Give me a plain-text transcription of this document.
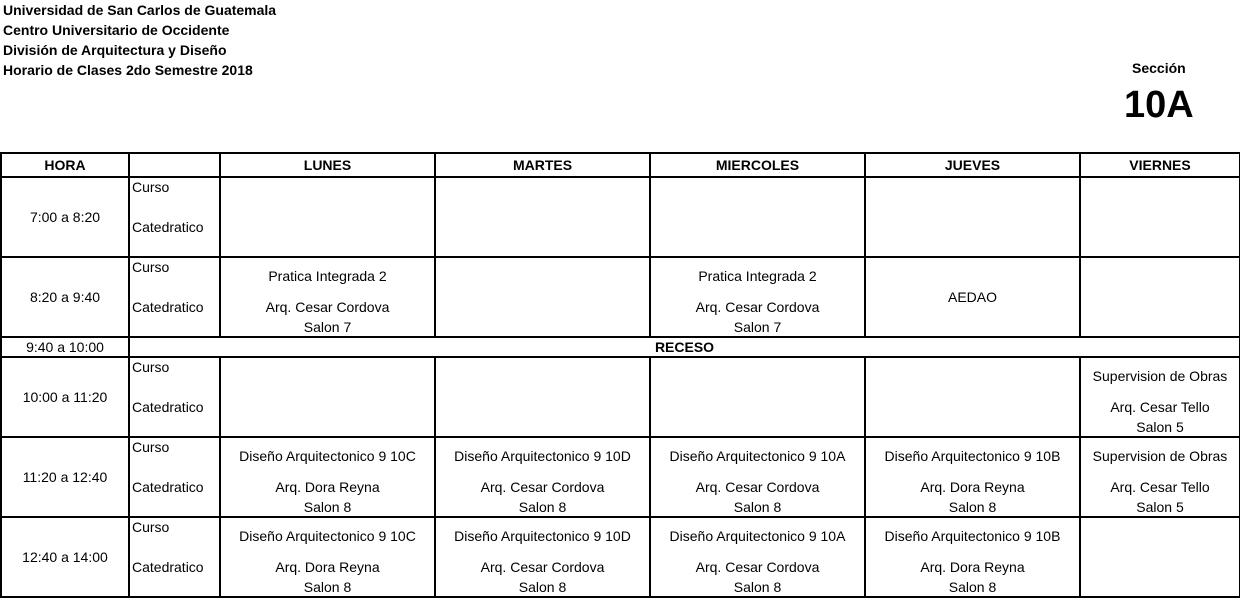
Universidad de San Carlos de Guatemala
Centro Universitario de Occidente
División de Arquitectura y Diseño
Horario de Clases 2do Semestre 2018	Sección
10A
HORA		LUNES	MARTES	MIERCOLES	JUEVES	VIERNES
7:00 a 8:20	Curso
Catedratico					

8:20 a 9:40	Curso
Catedratico	Pratica Integrada 2
Arq. Cesar Cordova
Salon 7		Pratica Integrada 2
Arq. Cesar Cordova
Salon 7	AEDAO	

9:40 a 10:00	RECESO					
10:00 a 11:20	Curso
Catedratico					Supervision de Obras
Arq. Cesar Tello
Salon 5

11:20 a 12:40	Curso
Catedratico	Diseño Arquitectonico 9 10C
Arq. Dora Reyna
Salon 8	Diseño Arquitectonico 9 10D
Arq. Cesar Cordova
Salon 8	Diseño Arquitectonico 9 10A
Arq. Cesar Cordova
Salon 8	Diseño Arquitectonico 9 10B
Arq. Dora Reyna
Salon 8	Supervision de Obras
Arq. Cesar Tello
Salon 5

12:40 a 14:00	Curso
Catedratico	Diseño Arquitectonico 9 10C
Arq. Dora Reyna
Salon 8	Diseño Arquitectonico 9 10D
Arq. Cesar Cordova
Salon 8	Diseño Arquitectonico 9 10A
Arq. Cesar Cordova
Salon 8	Diseño Arquitectonico 9 10B
Arq. Dora Reyna
Salon 8	
